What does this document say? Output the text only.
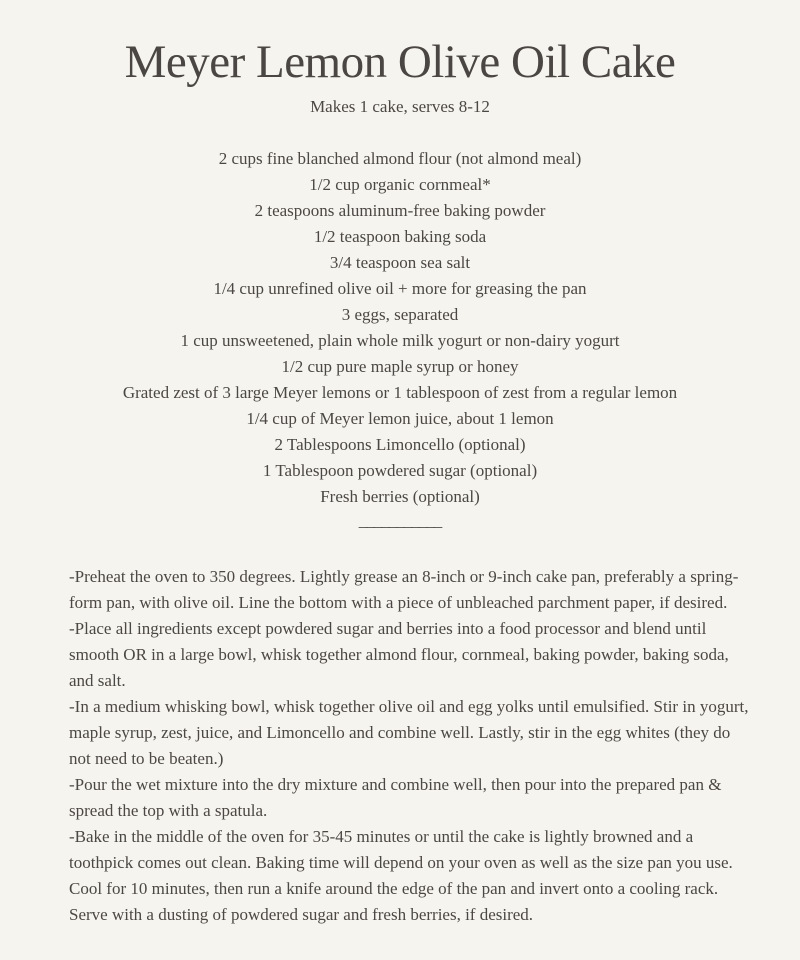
Meyer Lemon Olive Oil Cake

Makes 1 cake, serves 8-12

2 cups fine blanched almond flour (not almond meal)
1/2 cup organic cornmeal*
2 teaspoons aluminum-free baking powder
1/2 teaspoon baking soda
3/4 teaspoon sea salt
1/4 cup unrefined olive oil + more for greasing the pan
3 eggs, separated
1 cup unsweetened, plain whole milk yogurt or non-dairy yogurt
1/2 cup pure maple syrup or honey
Grated zest of 3 large Meyer lemons or 1 tablespoon of zest from a regular lemon
1/4 cup of Meyer lemon juice, about 1 lemon
2 Tablespoons Limoncello (optional)
1 Tablespoon powdered sugar (optional)
Fresh berries (optional)
___________
-Preheat the oven to 350 degrees. Lightly grease an 8-inch or 9-inch cake pan, preferably a spring-form pan, with olive oil. Line the bottom with a piece of unbleached parchment paper, if desired.
-Place all ingredients except powdered sugar and berries into a food processor and blend until smooth OR in a large bowl, whisk together almond flour, cornmeal, baking powder, baking soda, and salt.
-In a medium whisking bowl, whisk together olive oil and egg yolks until emulsified. Stir in yogurt, maple syrup, zest, juice, and Limoncello and combine well. Lastly, stir in the egg whites (they do not need to be beaten.)
-Pour the wet mixture into the dry mixture and combine well, then pour into the prepared pan & spread the top with a spatula.
-Bake in the middle of the oven for 35-45 minutes or until the cake is lightly browned and a toothpick comes out clean. Baking time will depend on your oven as well as the size pan you use. Cool for 10 minutes, then run a knife around the edge of the pan and invert onto a cooling rack. Serve with a dusting of powdered sugar and fresh berries, if desired.
